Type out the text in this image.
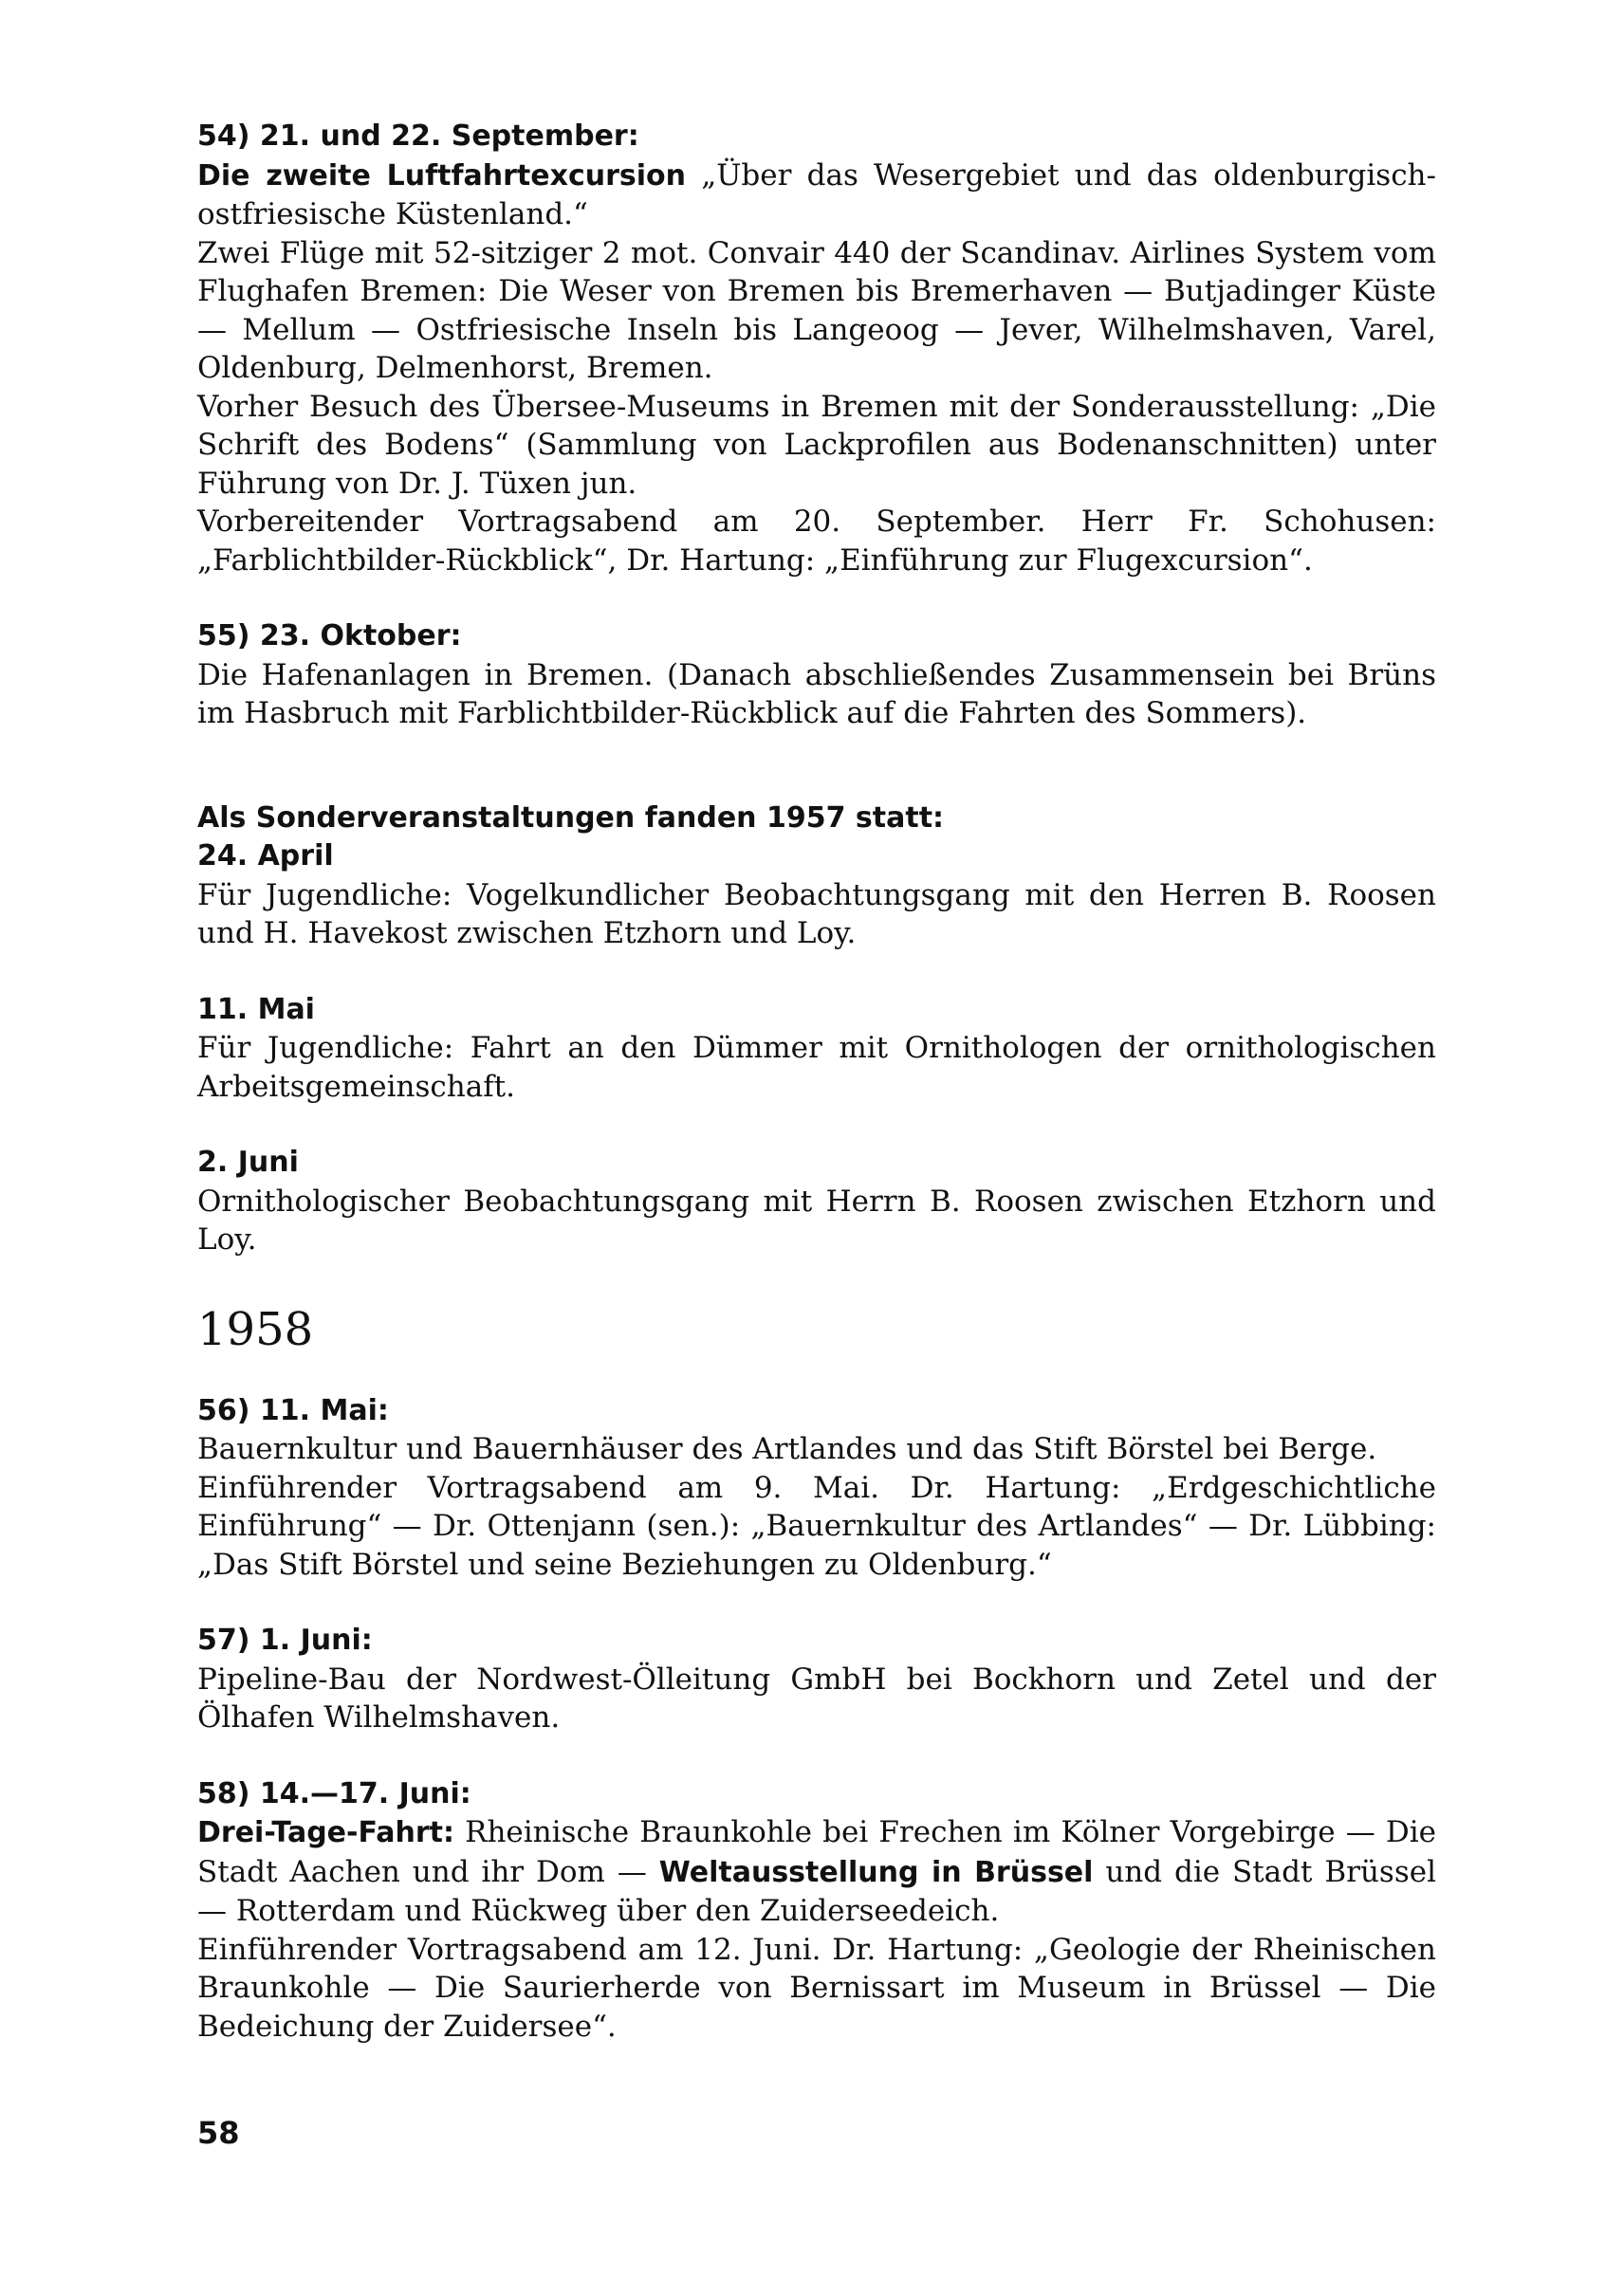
54) 21. und 22. September:

Die zweite Luftfahrtexcursion „Über das Wesergebiet und das oldenburgisch-ostfriesische Küstenland.“

Zwei Flüge mit 52-sitziger 2 mot. Convair 440 der Scandinav. Airlines System vom Flughafen Bremen: Die Weser von Bremen bis Bremerhaven — Butjadinger Küste — Mellum — Ostfriesische Inseln bis Langeoog — Jever, Wilhelmshaven, Varel, Oldenburg, Delmenhorst, Bremen.

Vorher Besuch des Übersee-Museums in Bremen mit der Sonderausstellung: „Die Schrift des Bodens“ (Sammlung von Lackprofilen aus Bodenanschnitten) unter Führung von Dr. J. Tüxen jun.

Vorbereitender Vortragsabend am 20. September. Herr Fr. Schohusen: „Farblichtbilder-Rückblick“, Dr. Hartung: „Einführung zur Flugexcursion“.

55) 23. Oktober:

Die Hafenanlagen in Bremen. (Danach abschließendes Zusammensein bei Brüns im Hasbruch mit Farblichtbilder-Rückblick auf die Fahrten des Sommers).

Als Sonderveranstaltungen fanden 1957 statt:

24. April

Für Jugendliche: Vogelkundlicher Beobachtungsgang mit den Herren B. Roosen und H. Havekost zwischen Etzhorn und Loy.

11. Mai

Für Jugendliche: Fahrt an den Dümmer mit Ornithologen der ornithologischen Arbeitsgemeinschaft.

2. Juni

Ornithologischer Beobachtungsgang mit Herrn B. Roosen zwischen Etzhorn und Loy.

1958

56) 11. Mai:

Bauernkultur und Bauernhäuser des Artlandes und das Stift Börstel bei Berge.

Einführender Vortragsabend am 9. Mai. Dr. Hartung: „Erdgeschichtliche Einführung“ — Dr. Ottenjann (sen.): „Bauernkultur des Artlandes“ — Dr. Lübbing: „Das Stift Börstel und seine Beziehungen zu Oldenburg.“

57) 1. Juni:

Pipeline-Bau der Nordwest-Ölleitung GmbH bei Bockhorn und Zetel und der Ölhafen Wilhelmshaven.

58) 14.—17. Juni:

Drei-Tage-Fahrt: Rheinische Braunkohle bei Frechen im Kölner Vorgebirge — Die Stadt Aachen und ihr Dom — Weltausstellung in Brüssel und die Stadt Brüssel — Rotterdam und Rückweg über den Zuiderseedeich.

Einführender Vortragsabend am 12. Juni. Dr. Hartung: „Geologie der Rheinischen Braunkohle — Die Saurierherde von Bernissart im Museum in Brüssel — Die Bedeichung der Zuidersee“.

58
